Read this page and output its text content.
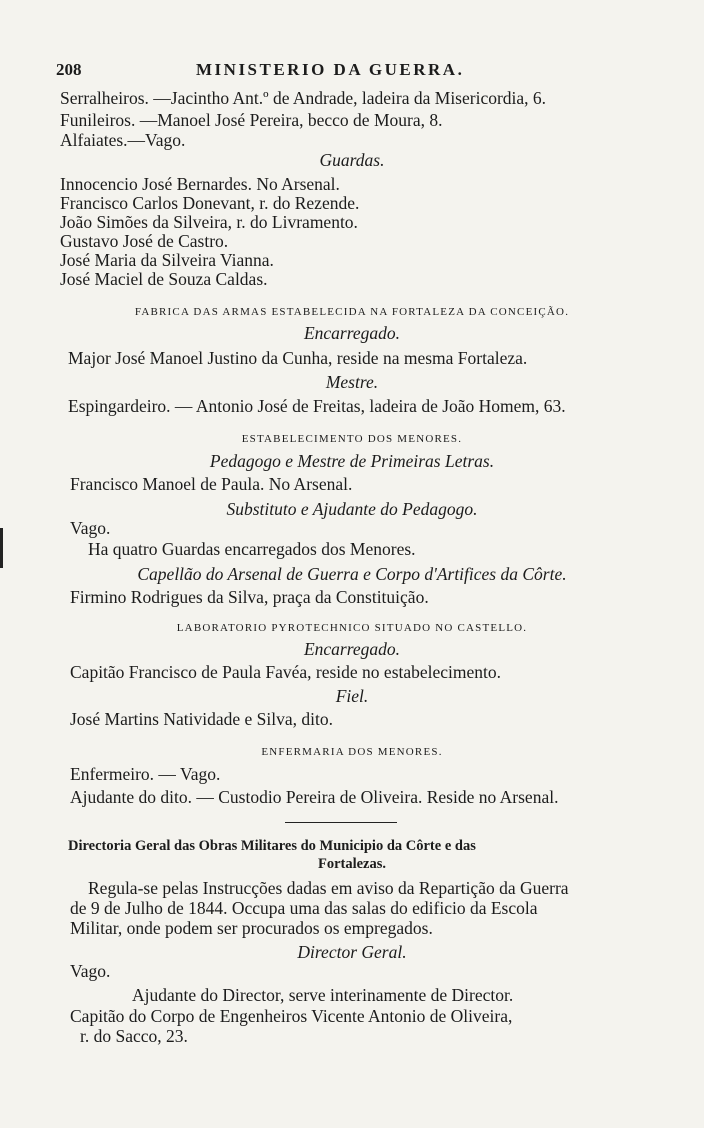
208	MINISTERIO DA GUERRA.
Serralheiros. —Jacintho Ant.º de Andrade, ladeira da Misericordia, 6.
Funileiros. —Manoel José Pereira, becco de Moura, 8.
Alfaiates.—Vago.
Guardas.
Innocencio José Bernardes. No Arsenal.
Francisco Carlos Donevant, r. do Rezende.
João Simões da Silveira, r. do Livramento.
Gustavo José de Castro.
José Maria da Silveira Vianna.
José Maciel de Souza Caldas.
FABRICA DAS ARMAS ESTABELECIDA NA FORTALEZA DA CONCEIÇÃO.
Encarregado.
Major José Manoel Justino da Cunha, reside na mesma Fortaleza.
Mestre.
Espingardeiro. — Antonio José de Freitas, ladeira de João Homem, 63.
ESTABELECIMENTO DOS MENORES.
Pedagogo e Mestre de Primeiras Letras.
Francisco Manoel de Paula. No Arsenal.
Substituto e Ajudante do Pedagogo.
Vago.
Ha quatro Guardas encarregados dos Menores.
Capellão do Arsenal de Guerra e Corpo d'Artifices da Côrte.
Firmino Rodrigues da Silva, praça da Constituição.
LABORATORIO PYROTECHNICO SITUADO NO CASTELLO.
Encarregado.
Capitão Francisco de Paula Favéa, reside no estabelecimento.
Fiel.
José Martins Natividade e Silva, dito.
ENFERMARIA DOS MENORES.
Enfermeiro. — Vago.
Ajudante do dito. — Custodio Pereira de Oliveira. Reside no Arsenal.
Directoria Geral das Obras Militares do Municipio da Côrte e das
Fortalezas.
Regula-se pelas Instrucções dadas em aviso da Repartição da Guerra
de 9 de Julho de 1844. Occupa uma das salas do edificio da Escola
Militar, onde podem ser procurados os empregados.
Director Geral.
Vago.
Ajudante do Director, serve interinamente de Director.
Capitão do Corpo de Engenheiros Vicente Antonio de Oliveira,
r. do Sacco, 23.
